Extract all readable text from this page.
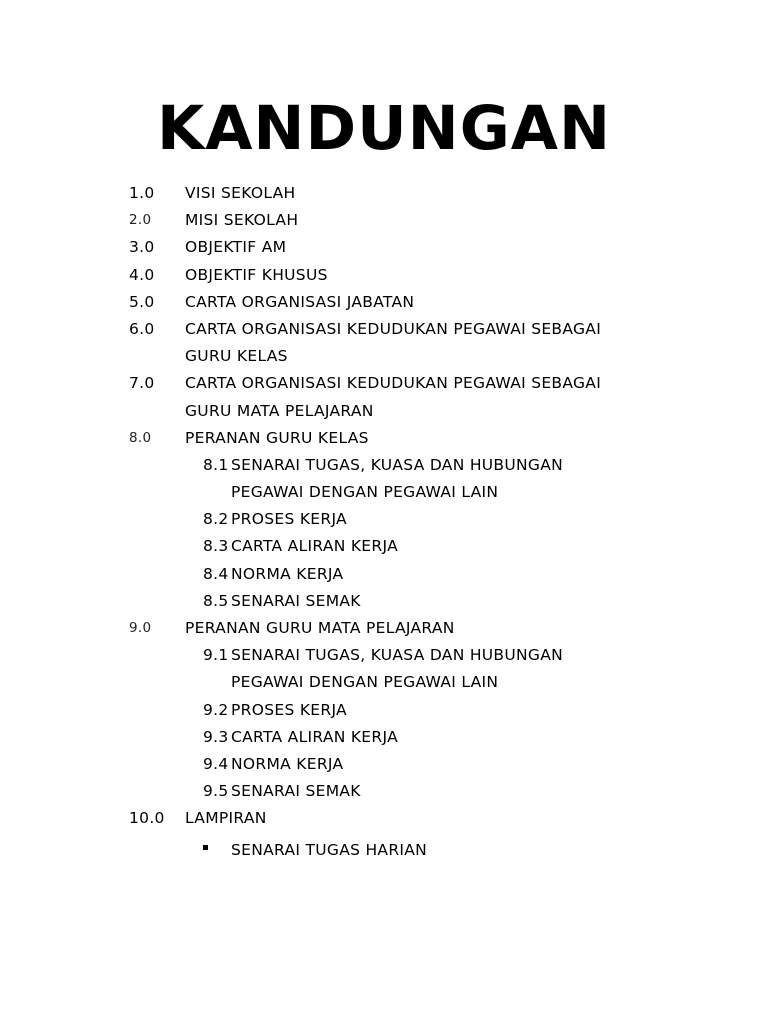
KANDUNGAN
1.0 VISI SEKOLAH
2.0 MISI SEKOLAH
3.0 OBJEKTIF AM
4.0 OBJEKTIF KHUSUS
5.0 CARTA ORGANISASI JABATAN
6.0 CARTA ORGANISASI KEDUDUKAN PEGAWAI SEBAGAI
GURU KELAS
7.0 CARTA ORGANISASI KEDUDUKAN PEGAWAI SEBAGAI
GURU MATA PELAJARAN
8.0 PERANAN GURU KELAS
8.1 SENARAI TUGAS, KUASA DAN HUBUNGAN
PEGAWAI DENGAN PEGAWAI LAIN
8.2 PROSES KERJA
8.3 CARTA ALIRAN KERJA
8.4 NORMA KERJA
8.5 SENARAI SEMAK
9.0 PERANAN GURU MATA PELAJARAN
9.1 SENARAI TUGAS, KUASA DAN HUBUNGAN
PEGAWAI DENGAN PEGAWAI LAIN
9.2 PROSES KERJA
9.3 CARTA ALIRAN KERJA
9.4 NORMA KERJA
9.5 SENARAI SEMAK
10.0 LAMPIRAN
SENARAI TUGAS HARIAN
